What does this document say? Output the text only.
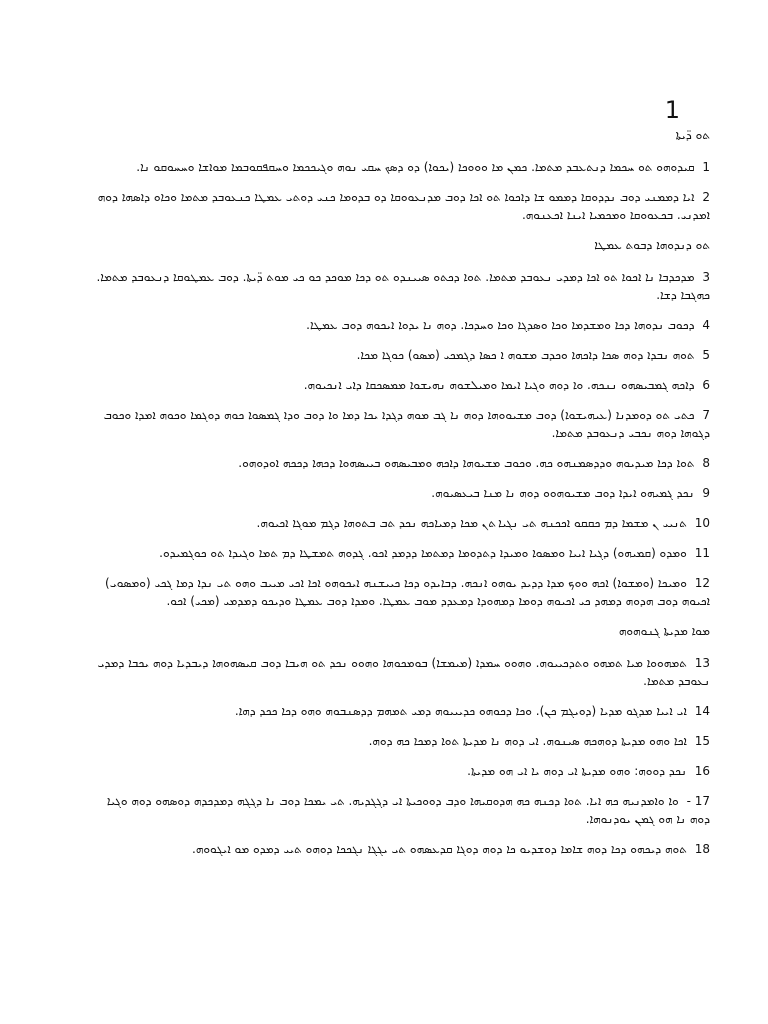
1
ܬܘ ܕ̈ܝܬܐ

1 ܩܝܕܘܗܘ ܬܘ ܚܟܡܐ ܕܢܬܥܒܕ ܡܬܡܐ. ܟܡܢ ܡܐ ܘܘܘܟܐ (ܝܟܘܐ) ܕܘ ܕܣܟ ܚܩܝ ܢܘܗ ܘܓܝܟܟܡܐ ܘܚܩܦܩܘܒܡܐ ܡܘܐܫܐ ܘܚܚܘܩܘ ܢܐ.

2 ܐܝܐ ܕܡܡܢܝ ܕܘܒ ܢܕܕܘܩܐ ܕܡܡܘ ܫܐ ܕܐܟܘܐ ܬܘ ܐܟܐ ܕܘܒ ܡܕܢܥܘܘܩܐ ܕܘ ܒܕܘܡܐ ܟܢܝ ܕܘܬܝ ܥܡܛܐ ܟܢܥܘܒܕ ܡܬܡܐ ܘܟܐܘ ܕܐܣܗܐ ܕܘܗ ܐܡܕܢܝ. ܒܟܥܘܘܩܐ ܘܡܟܡܝܐ ܐܝܢܐ ܐܟܥܢܘܗ.

ܬܘ ܕܢܕܘܗܐ ܕܒܘܬ ܥܡܛܐ

3 ܡܕܟܕܒܐ ܢܐ ܐܟܘܐ ܬܘ ܐܟܐ ܕܡܕܝ ܢܥܘܒܕ ܡܬܡܐ. ܬܘܐ ܕܟܬܘ ܣܝܝܢܕܘ ܬܘ ܕܟܐ ܡܘܟܕ ܟܘ ܟܝ ܡܘܬ ܕ̈ܝܬܐ. ܕܘܒ ܥܡܛܘܩܐ ܕܢܥܘܒܕ ܡܬܡܐ. ܟܗܓܒܐ ܕܫܐ.

4 ܕܟܘܒ ܢܕܘܗܐ ܕܟܐ ܘܡܫܕܡܐ ܘܟܐ ܘܣܕܓܐ ܘܟܐ ܘܚܕܟܐ. ܕܘܗ ܢܐ ܝܕܘܐ ܐܝܟܘܗ ܕܘܒ ܥܡܛܐ.

5 ܬܘܗ ܢܒܕܐ ܕܘܗ ܣܟܐ ܕܐܟܗܐ ܘܟܕܒ ܡܫܘܗ ܐ ܟܣܐ ܕܓܡܟܝ (ܡܣܘ) ܟܘܓܐ ܡܟܐ.

6 ܕܐܟܗ ܓܡܒܝܣܗܘ ܢܢܟܗ. ܘܐ ܕܘܗ ܘܓܝܐ ܐܝܡܐ ܘܡܝܠܫܘܗ ܢܗܝܫܘܐ ܡܡܣܟܩܐ ܕܐܝ ܐܢܟܝܘܗ.

7 ܟܬܝ ܬܘ ܕܘܡܕܢܐ (ܥܝܗܝܫܘܐ) ܕܘܒ ܡܫܝܘܘܗܐ ܕܘܗ ܢܐ ܓܒ ܡܘܗ ܕܓܕܐ ܝܟܐ ܕܡܐ ܘܐ ܕܘܒ ܘܕܐ ܓܡܣܘܐ ܟܘܗ ܕܘܓܡܐ ܘܟܘܗ ܐܡܕܐ ܘܟܘܒ ܕܓܘܗܐ ܕܘܗ ܢܟܒܝ ܕܢܥܘܒܕ ܡܬܡܐ.

8 ܬܘܐ ܕܟܐ ܡܝܕܝܘܗ ܘܕܕܣܡܢܗܘ ܟܗ. ܘܟܘܒ ܡܫܝܘܗܐ ܕܐܟܗ ܘܡܒܝܣܗܘ ܒܝܝܣܗܘܐ ܕܟܗܐ ܕܟܟܗ ܐܘܕܘܗܘ.

9 ܢܟܕ ܓܡܝܗܘ ܐܝܕܐ ܕܘܒ ܡܫܝܘܗܘܘ ܕܘܗ ܢܐ ܡܢܐ ܒܝܥܣܝܘܗ.

10 ܬܢܝܝ ܢ ܡܫܡܐ ܕܡ ܟܩܩܘ ܐܟܟܢܗ ܬܝ ܢܓܝܐ ܬܢ ܡܟܐ ܕܡܝܐܟܗ ܢܟܕ ܬܒ ܒܬܘܗܐ ܕܓܡ ܡܘܓܐ ܐܟܝܘܗ.

11 ܘܡܕܘ (ܩܡܝܗܘ) ܕܓܝܐ ܐܝܝܐ ܘܡܣܘܐ ܘܡܝܕܐ ܕܬܕܘܡܐ ܕܡܬܡܐ ܕܕܡܕ ܐܟܘ. ܓܕܘܗ ܬܡܫܛܐ ܕܡ ܬܡܐ ܘܓܝܕܐ ܬܘ ܟܘܓܡܝܕܘ.

12 ܘܡܝܟܐ (ܘܡܫܘܐ) ܐܟܗ ܘܘܟ ܡܕܐ ܕܕܝܕ ܝܘܗܘ ܐܢܟܗ. ܕܒܐܝܕܘ ܕܟܐ ܟܝܝܫܢܗ ܐܝܟܘܗܘ ܐܟܐ ܐܟܝ ܡܝܝܒ ܘܗܘ ܬܝ ܢܕܐ ܕܡܐ ܓܟܝ (ܘܡܣܘܝ) ܐܟܝܘܗ ܕܘܒ ܗܕܘܗ ܕܡܗܕ ܟܝ ܐܟܝܘܗ ܕܘܡܐ ܕܡܗܘܕܐ ܕܡܥܕܕ ܡܘܒ ܥܡܛܐ. ܘܡܕܐ ܕܘܒ ܥܡܛܐ ܘܕܝܟܘ ܕܡܕܡܝ (ܡܟܝ) ܐܟܘ.

ܡܘܐ ܡܕܝܬܐ ܓܢܘܗܘܗ

13 ܬܡܗܘܘܐ ܡܝܐ ܬܡܗܘ ܘܬܕܟܝܝܘܗ. ܘܗܘܘ ܚܡܕܐ (ܡܝܡܫܐ) ܒܘܡܟܘܗܐ ܘܗܘܘ ܢܟܕ ܬܘ ܗܝܒܐ ܕܘܒ ܩܝܣܗܘܗܐ ܕܝܒܕܝܐ ܕܘܗ ܝܟܒܐ ܕܡܕܝ ܢܥܘܒܕ ܡܬܡܐ.

14 ܐܝ ܐܝܝܐ ܡܕܓܘ ܡܕܝܐ (ܕܘܝܓܡ ܟܢ). ܘܟܐ ܕܟܘܗܘ ܟܕܝܝܝܘܗ ܕܡܝ ܬܡܗܡ ܕܕܣܢܒܘܗ ܘܗܘ ܕܟܐ ܟܟܕ ܕܗܐ.

15 ܐܟܐ ܘܗܘ ܡܕܝܬܐ ܕܘܗܟܗ ܣܝܢܘܗ. ܐܝ ܕܘܗ ܢܐ ܡܕܝܬܐ ܬܘܐ ܕܡܟܐ ܟܗ ܕܘܗ.

16 ܢܟܕ ܕܘܘܗ: ܘܗܘ ܡܕܝܬܐ ܐܝ ܕܘܗ ܝܐ ܐܝ ܗܘ ܡܕܝܬܐ.

17 - ܘܐ ܘܐܡܕܢܝܗ ܟܗ ܐܝܐ. ܬܘܐ ܕܟܢܗ ܟܗ ܗܕܘܩܝܗܐ ܘܕܒ ܕܘܘܟܝܬܐ ܐܝ ܕܓܓܕܝܗ. ܬܝ ܝܡܟܐ ܕܘܒ ܢܐ ܕܓܓܗ ܕܡܕܟܕܗ ܕܘܣܗܘ ܕܘܗ ܘܓܝܐ ܕܘܗ ܢܐ ܗܘ ܓܡܢ ܝܘܕܢܘܗܐ.

18 ܬܘܗ ܕܝܟܗܘ ܕܟܐ ܕܘܗ ܫܐܡܐ ܕܘܫܕܝܘ ܟܐ ܕܘܗ ܕܘܓܐ ܩܕܥܣܗܘ ܬܝ ܝܓܓܐ ܢܓܟܟܐ ܕܘܗܘ ܬܝܝ ܕܡܕܘ ܡܘ ܐܝܓܘܘܗ.
